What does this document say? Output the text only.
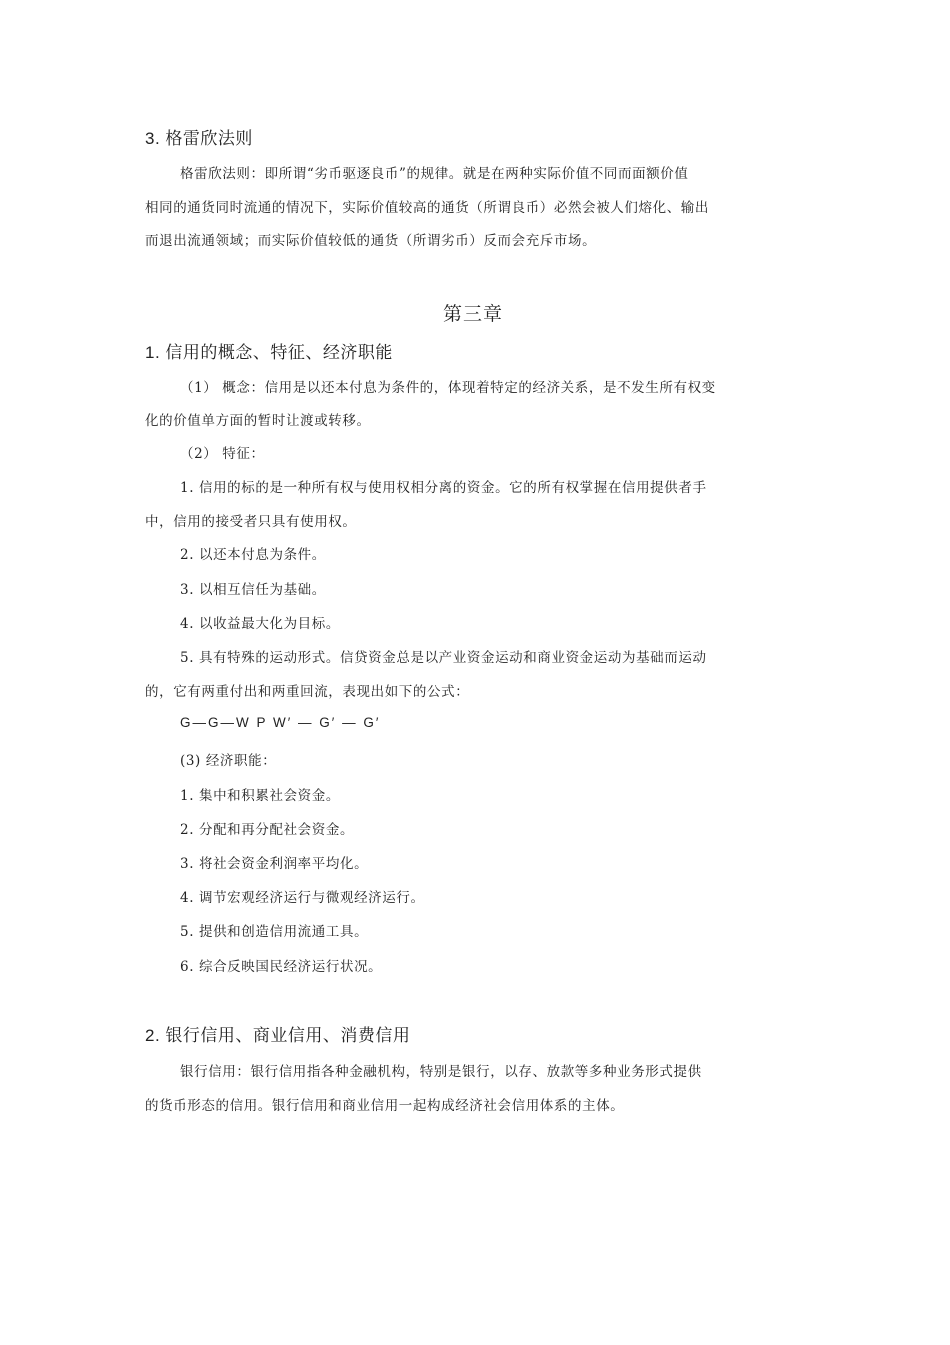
3. 格雷欣法则
格雷欣法则：即所谓“劣币驱逐良币”的规律。就是在两种实际价值不同而面额价值
相同的通货同时流通的情况下，实际价值较高的通货（所谓良币）必然会被人们熔化、输出
而退出流通领域；而实际价值较低的通货（所谓劣币）反而会充斥市场。
第三章
1. 信用的概念、特征、经济职能
（1） 概念：信用是以还本付息为条件的，体现着特定的经济关系，是不发生所有权变
化的价值单方面的暂时让渡或转移。
（2） 特征：
1. 信用的标的是一种所有权与使用权相分离的资金。它的所有权掌握在信用提供者手
中，信用的接受者只具有使用权。
2. 以还本付息为条件。
3. 以相互信任为基础。
4. 以收益最大化为目标。
5. 具有特殊的运动形式。信贷资金总是以产业资金运动和商业资金运动为基础而运动
的，它有两重付出和两重回流，表现出如下的公式：
G—G—W P W′ — G′ — G′
(3) 经济职能：
1. 集中和积累社会资金。
2. 分配和再分配社会资金。
3. 将社会资金利润率平均化。
4. 调节宏观经济运行与微观经济运行。
5. 提供和创造信用流通工具。
6. 综合反映国民经济运行状况。
2. 银行信用、商业信用、消费信用
银行信用：银行信用指各种金融机构，特别是银行，以存、放款等多种业务形式提供
的货币形态的信用。银行信用和商业信用一起构成经济社会信用体系的主体。
